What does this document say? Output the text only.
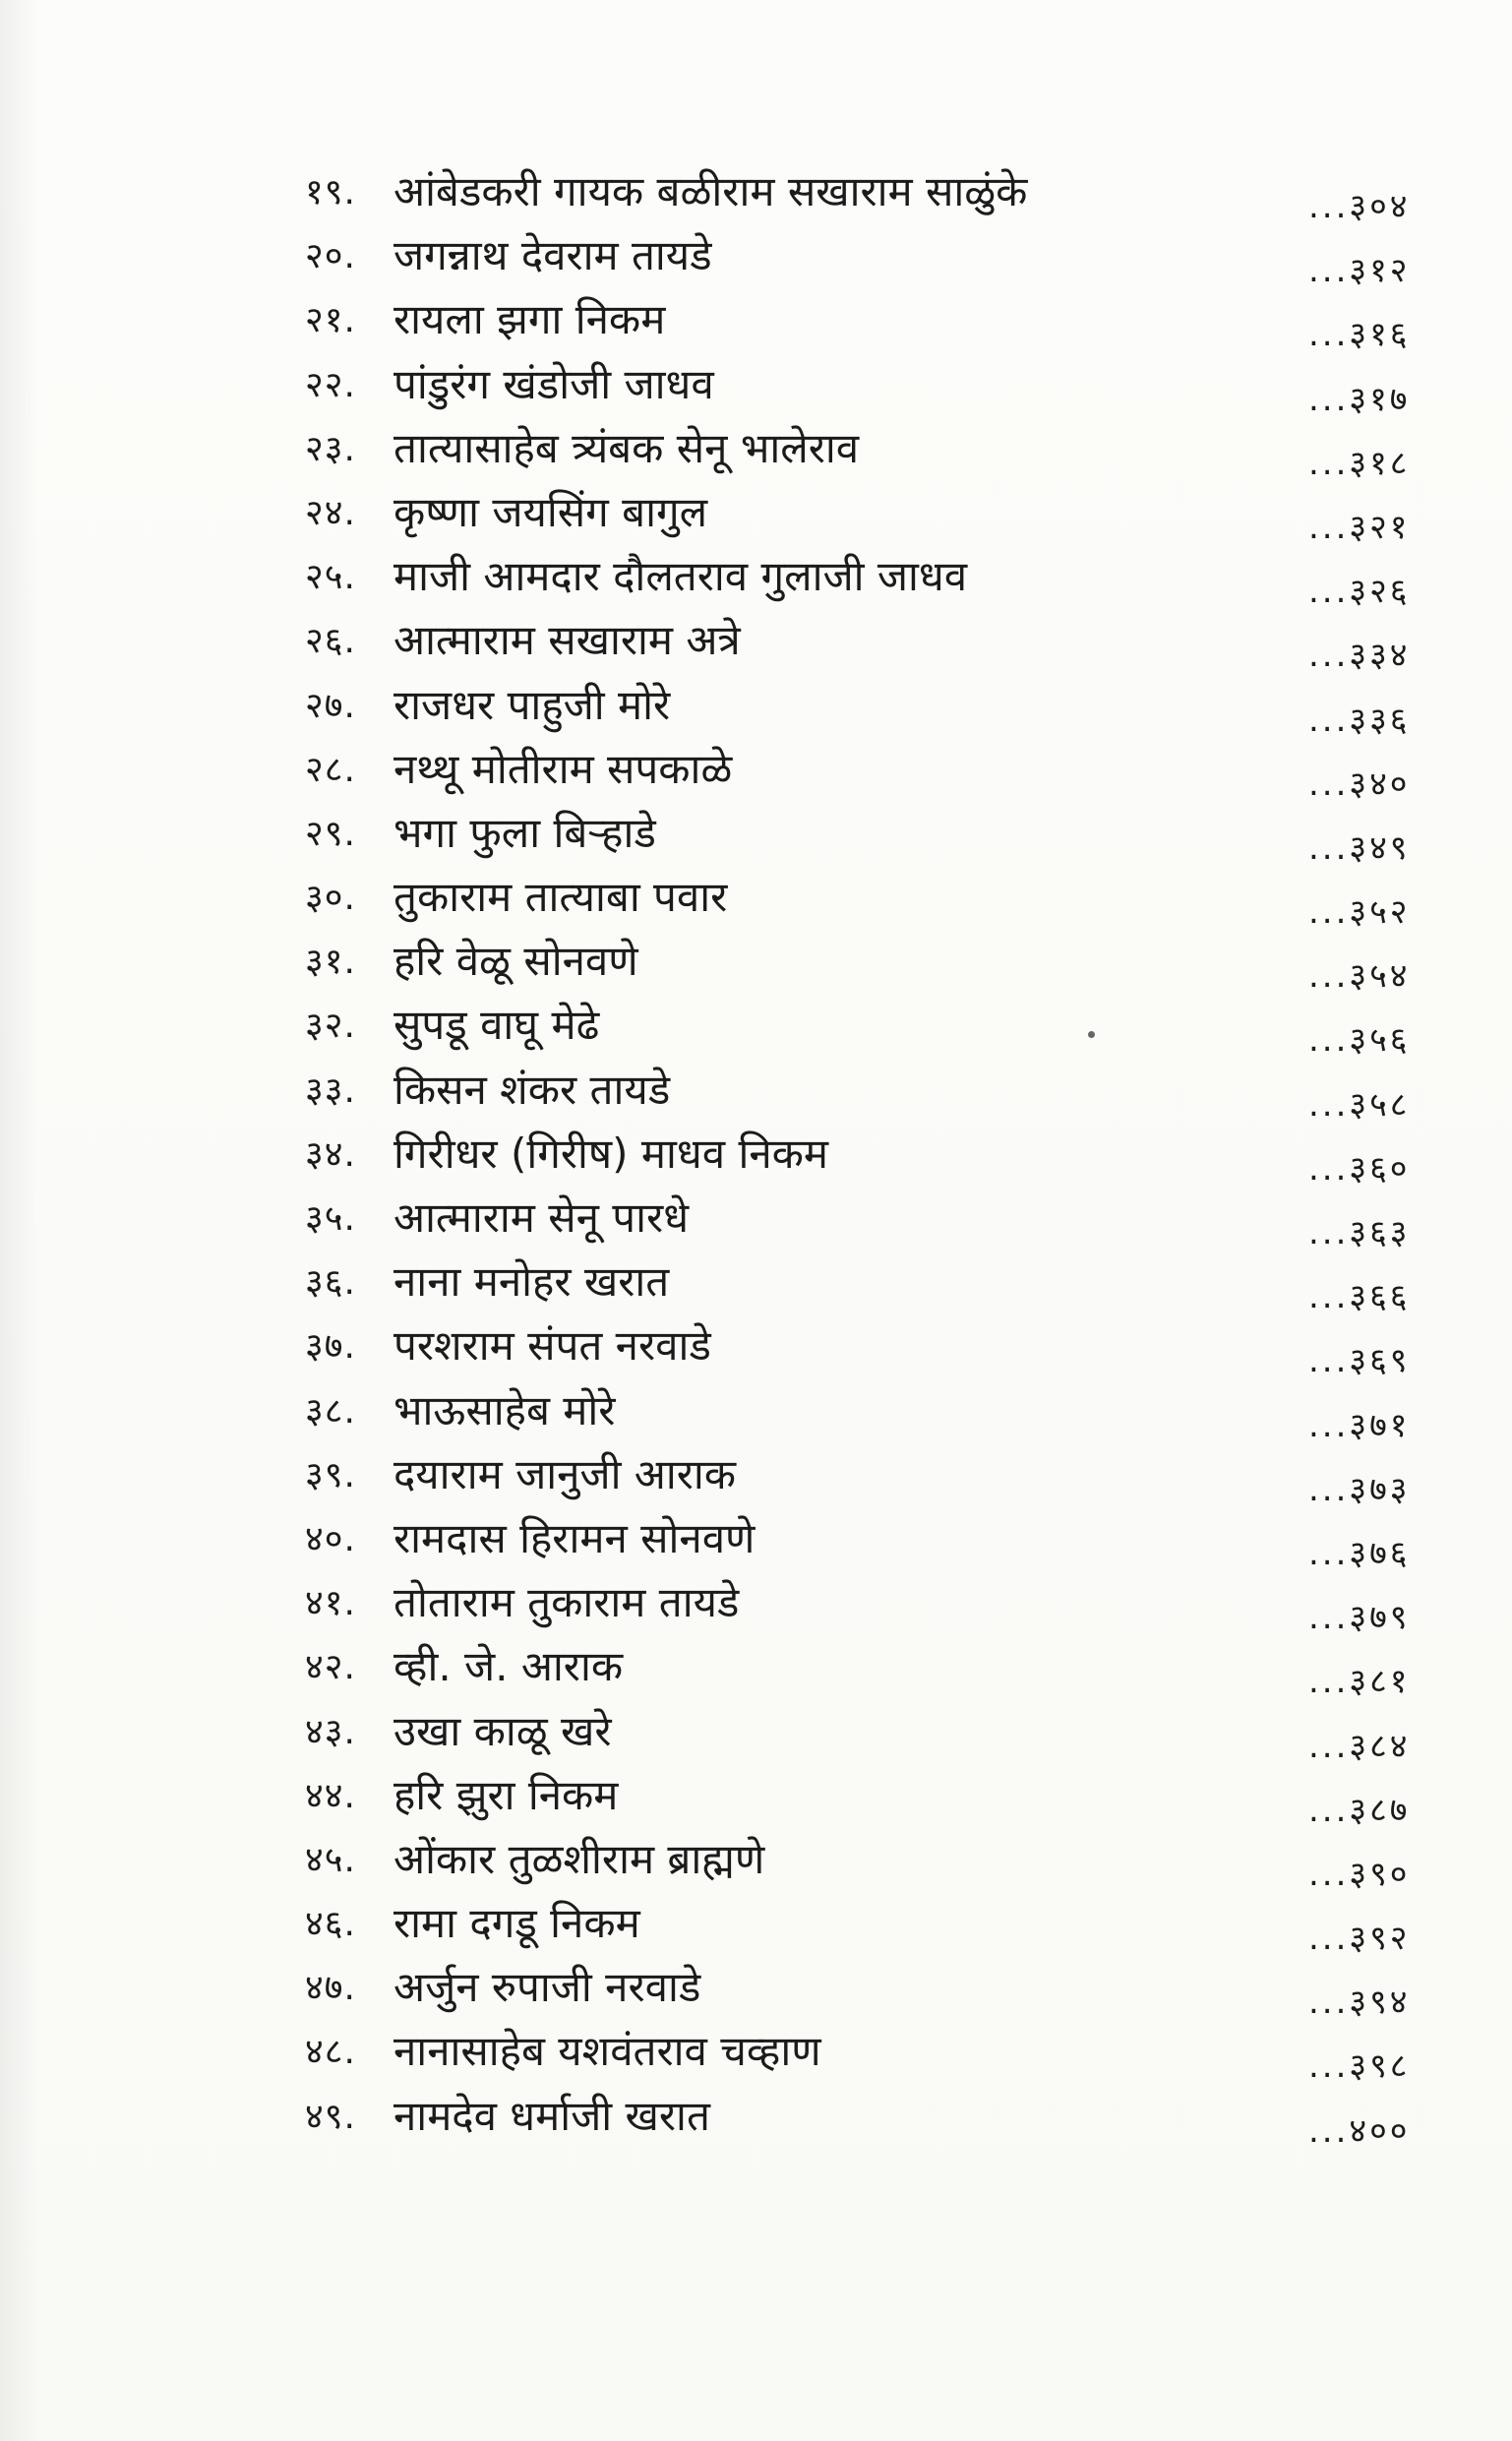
१९. आंबेडकरी गायक बळीराम सखाराम साळुंके	...३०४
२०. जगन्नाथ देवराम तायडे	...३१२
२१. रायला झगा निकम	...३१६
२२. पांडुरंग खंडोजी जाधव	...३१७
२३. तात्यासाहेब त्र्यंबक सेनू भालेराव	...३१८
२४. कृष्णा जयसिंग बागुल	...३२१
२५. माजी आमदार दौलतराव गुलाजी जाधव	...३२६
२६. आत्माराम सखाराम अत्रे	...३३४
२७. राजधर पाहुजी मोरे	...३३६
२८. नथ्थू मोतीराम सपकाळे	...३४०
२९. भगा फुला बिऱ्हाडे	...३४९
३०. तुकाराम तात्याबा पवार	...३५२
३१. हरि वेळू सोनवणे	...३५४
३२. सुपडू वाघू मेढे	...३५६
३३. किसन शंकर तायडे	...३५८
३४. गिरीधर (गिरीष) माधव निकम	...३६०
३५. आत्माराम सेनू पारधे	...३६३
३६. नाना मनोहर खरात	...३६६
३७. परशराम संपत नरवाडे	...३६९
३८. भाऊसाहेब मोरे	...३७१
३९. दयाराम जानुजी आराक	...३७३
४०. रामदास हिरामन सोनवणे	...३७६
४१. तोताराम तुकाराम तायडे	...३७९
४२. व्ही. जे. आराक	...३८१
४३. उखा काळू खरे	...३८४
४४. हरि झुरा निकम	...३८७
४५. ओंकार तुळशीराम ब्राह्मणे	...३९०
४६. रामा दगडू निकम	...३९२
४७. अर्जुन रुपाजी नरवाडे	...३९४
४८. नानासाहेब यशवंतराव चव्हाण	...३९८
४९. नामदेव धर्माजी खरात	...४००
